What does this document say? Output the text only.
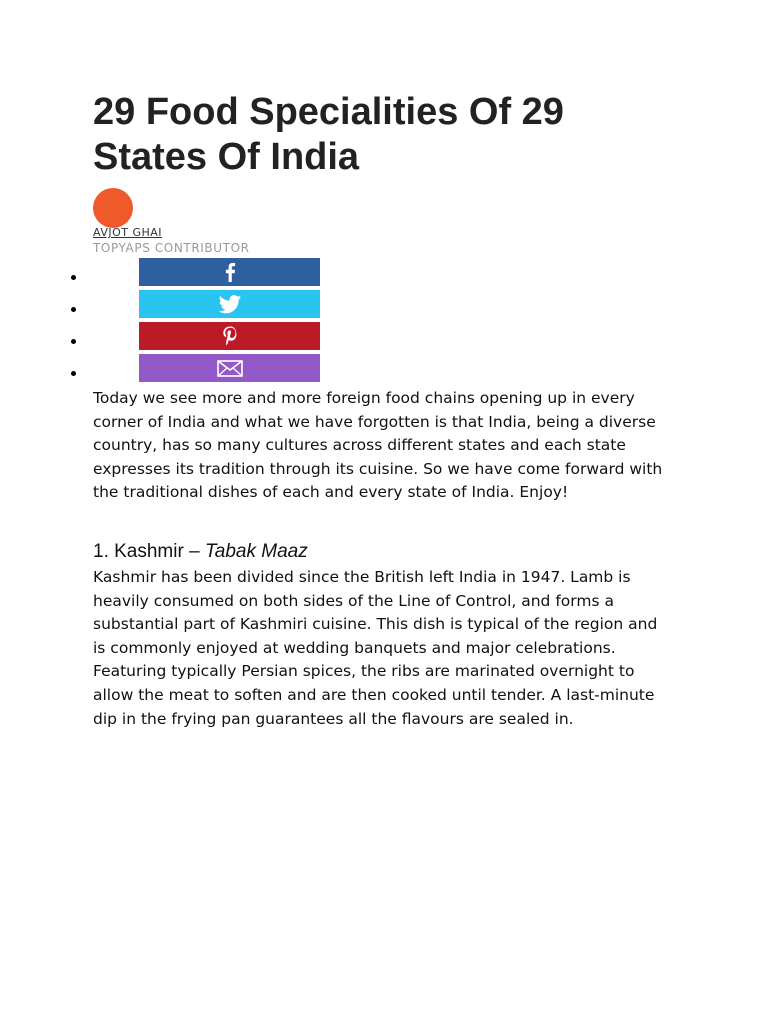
29 Food Specialities Of 29 States Of India
AVJOT GHAI
TOPYAPS CONTRIBUTOR

Today we see more and more foreign food chains opening up in every corner of India and what we have forgotten is that India, being a diverse country, has so many cultures across different states and each state expresses its tradition through its cuisine. So we have come forward with the traditional dishes of each and every state of India. Enjoy!

1. Kashmir – Tabak Maaz

Kashmir has been divided since the British left India in 1947. Lamb is heavily consumed on both sides of the Line of Control, and forms a substantial part of Kashmiri cuisine. This dish is typical of the region and is commonly enjoyed at wedding banquets and major celebrations. Featuring typically Persian spices, the ribs are marinated overnight to allow the meat to soften and are then cooked until tender. A last-minute dip in the frying pan guarantees all the flavours are sealed in.
